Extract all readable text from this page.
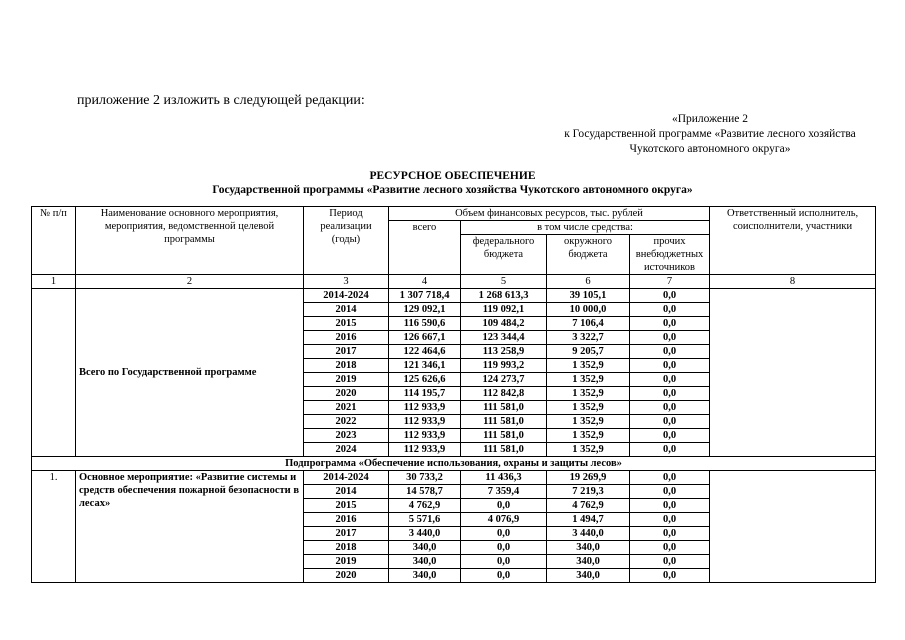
приложение 2 изложить в следующей редакции:
«Приложение 2
к Государственной программе «Развитие лесного хозяйства
Чукотского автономного округа»
РЕСУРСНОЕ ОБЕСПЕЧЕНИЕ
Государственной программы «Развитие лесного хозяйства Чукотского автономного округа»
№ п/п	Наименование основного мероприятия, мероприятия, ведомственной целевой программы	Период реализации (годы)	Объем финансовых ресурсов, тыс. рублей				Ответственный исполнитель, соисполнители, участники
			всего	в том числе средства:			
				федерального бюджета	окружного бюджета	прочих внебюджетных источников	
1	2	3	4	5	6	7	8
	Всего по Государственной программе	2014-2024	1 307 718,4	1 268 613,3	39 105,1	0,0	
		2014	129 092,1	119 092,1	10 000,0	0,0	
		2015	116 590,6	109 484,2	7 106,4	0,0	
		2016	126 667,1	123 344,4	3 322,7	0,0	
		2017	122 464,6	113 258,9	9 205,7	0,0	
		2018	121 346,1	119 993,2	1 352,9	0,0	
		2019	125 626,6	124 273,7	1 352,9	0,0	
		2020	114 195,7	112 842,8	1 352,9	0,0	
		2021	112 933,9	111 581,0	1 352,9	0,0	
		2022	112 933,9	111 581,0	1 352,9	0,0	
		2023	112 933,9	111 581,0	1 352,9	0,0	
		2024	112 933,9	111 581,0	1 352,9	0,0	
Подпрограмма «Обеспечение использования, охраны и защиты лесов»							
1.	Основное мероприятие: «Развитие системы и средств обеспечения пожарной безопасности в лесах»	2014-2024	30 733,2	11 436,3	19 269,9	0,0	
		2014	14 578,7	7 359,4	7 219,3	0,0	
		2015	4 762,9	0,0	4 762,9	0,0	
		2016	5 571,6	4 076,9	1 494,7	0,0	
		2017	3 440,0	0,0	3 440,0	0,0	
		2018	340,0	0,0	340,0	0,0	
		2019	340,0	0,0	340,0	0,0	
		2020	340,0	0,0	340,0	0,0	
